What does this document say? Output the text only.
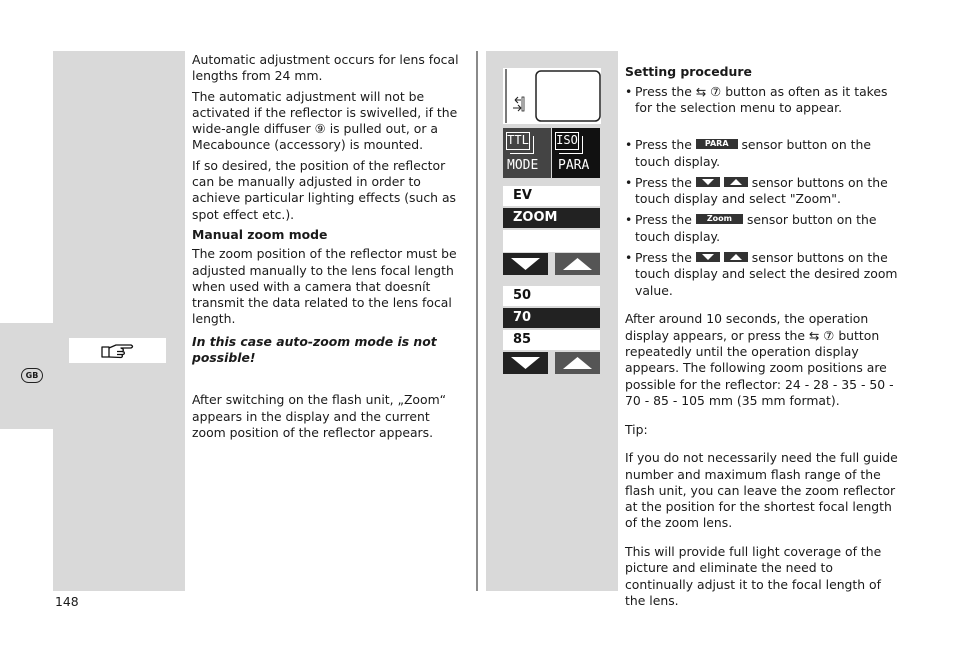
GB

Automatic adjustment occurs for lens focal lengths from 24 mm.

The automatic adjustment will not be activated if the reflector is swivelled, if the wide-angle diffuser ⑨ is pulled out, or a Mecabounce (accessory) is mounted.

If so desired, the position of the reflector can be manually adjusted in order to achieve particular lighting effects (such as spot effect etc.).

Manual zoom mode

The zoom position of the reflector must be adjusted manually to the lens focal length when used with a camera that doesnít transmit the data related to the lens focal length.

In this case auto-zoom mode is not possible!

After switching on the flash unit, „Zoom“ appears in the display and the current zoom position of the reflector appears.

TTL
MODE
ISO
PARA
EV
ZOOM
50
70
85

Setting procedure

• Press the ⇆ ⑦ button as often as it takes for the selection menu to appear.
• Press the PARA sensor button on the touch display.
• Press the
	sensor buttons on the touch display and select "Zoom".
• Press the Zoom sensor button on the touch display.
• Press the
	sensor buttons on the touch display and select the desired zoom value.

After around 10 seconds, the operation display appears, or press the ⇆ ⑦ button repeatedly until the operation display appears. The following zoom positions are possible for the reflector: 24 - 28 - 35 - 50 - 70 - 85 - 105 mm (35 mm format).

Tip:

If you do not necessarily need the full guide number and maximum flash range of the flash unit, you can leave the zoom reflector at the position for the shortest focal length of the zoom lens.

This will provide full light coverage of the picture and eliminate the need to continually adjust it to the focal length of the lens.

148
